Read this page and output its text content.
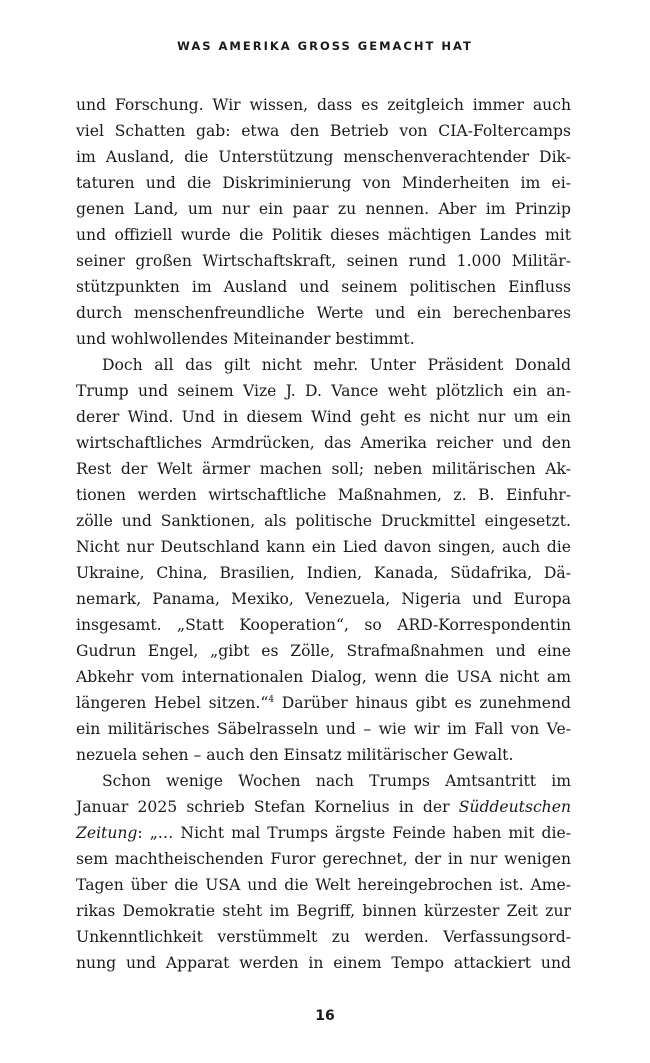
WAS AMERIKA GROSS GEMACHT HAT
und Forschung. Wir wissen, dass es zeitgleich immer auch
viel Schatten gab: etwa den Betrieb von CIA-Foltercamps
im Ausland, die Unterstützung menschenverachtender Dik-
taturen und die Diskriminierung von Minderheiten im ei-
genen Land, um nur ein paar zu nennen. Aber im Prinzip
und offiziell wurde die Politik dieses mächtigen Landes mit
seiner großen Wirtschaftskraft, seinen rund 1.000 Militär-
stützpunkten im Ausland und seinem politischen Einfluss
durch menschenfreundliche Werte und ein berechenbares
und wohlwollendes Miteinander bestimmt.
Doch all das gilt nicht mehr. Unter Präsident Donald
Trump und seinem Vize J. D. Vance weht plötzlich ein an-
derer Wind. Und in diesem Wind geht es nicht nur um ein
wirtschaftliches Armdrücken, das Amerika reicher und den
Rest der Welt ärmer machen soll; neben militärischen Ak-
tionen werden wirtschaftliche Maßnahmen, z. B. Einfuhr-
zölle und Sanktionen, als politische Druckmittel eingesetzt.
Nicht nur Deutschland kann ein Lied davon singen, auch die
Ukraine, China, Brasilien, Indien, Kanada, Südafrika, Dä-
nemark, Panama, Mexiko, Venezuela, Nigeria und Europa
insgesamt. „Statt Kooperation“, so ARD-Korrespondentin
Gudrun Engel, „gibt es Zölle, Strafmaßnahmen und eine
Abkehr vom internationalen Dialog, wenn die USA nicht am
längeren Hebel sitzen.“$^4$ Darüber hinaus gibt es zunehmend
ein militärisches Säbelrasseln und – wie wir im Fall von Ve-
nezuela sehen – auch den Einsatz militärischer Gewalt.
Schon wenige Wochen nach Trumps Amtsantritt im
Januar 2025 schrieb Stefan Kornelius in der Süddeutschen
Zeitung: „… Nicht mal Trumps ärgste Feinde haben mit die-
sem machtheischenden Furor gerechnet, der in nur wenigen
Tagen über die USA und die Welt hereingebrochen ist. Ame-
rikas Demokratie steht im Begriff, binnen kürzester Zeit zur
Unkenntlichkeit verstümmelt zu werden. Verfassungsord-
nung und Apparat werden in einem Tempo attackiert und
16
